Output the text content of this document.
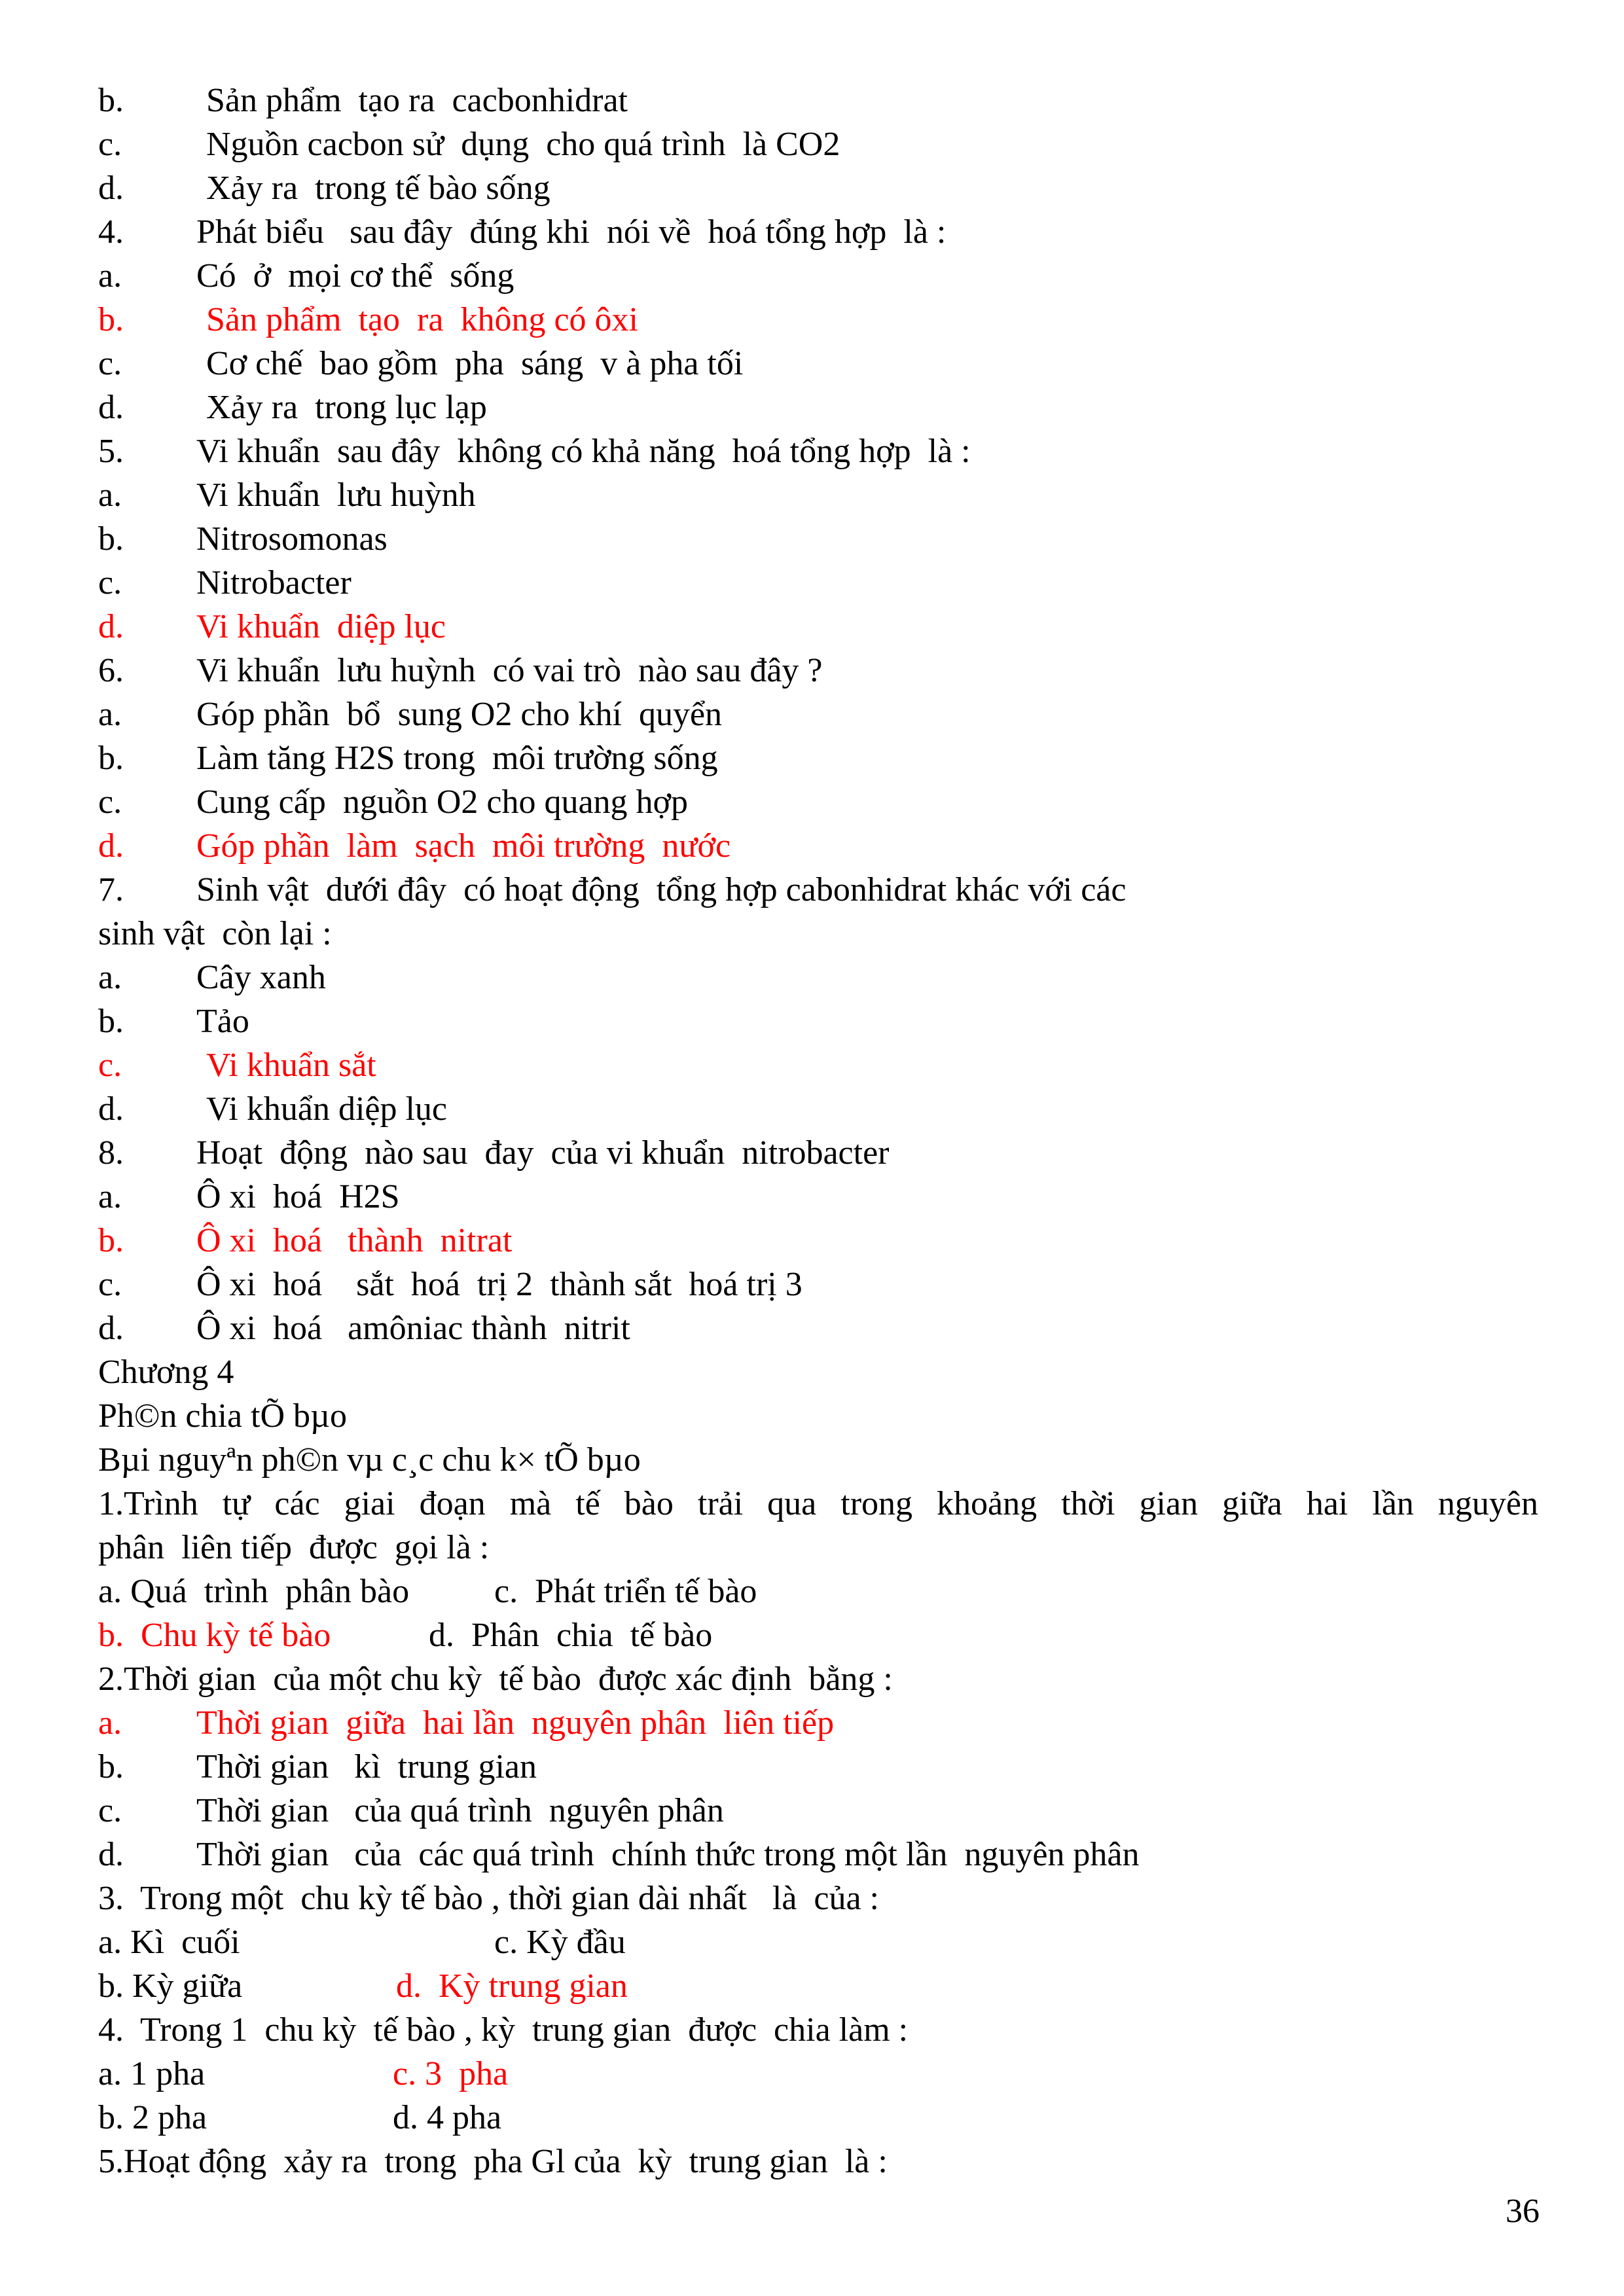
b. Sản phẩm  tạo ra  cacbonhidrat
c. Nguồn cacbon sử  dụng  cho quá trình  là CO2
d. Xảy ra  trong tế bào sống
4. Phát biểu   sau đây  đúng khi  nói về  hoá tổng hợp  là :
a. Có  ở  mọi cơ thể  sống
b. Sản phẩm  tạo  ra  không có ôxi
c. Cơ chế  bao gồm  pha  sáng  v à pha tối
d. Xảy ra  trong lục lạp
5. Vi khuẩn  sau đây  không có khả năng  hoá tổng hợp  là :
a. Vi khuẩn  lưu huỳnh
b. Nitrosomonas
c. Nitrobacter
d. Vi khuẩn  diệp lục
6. Vi khuẩn  lưu huỳnh  có vai trò  nào sau đây ?
a. Góp phần  bổ  sung O2 cho khí  quyển
b. Làm tăng H2S trong  môi trường sống
c. Cung cấp  nguồn O2 cho quang hợp
d. Góp phần  làm  sạch  môi trường  nước
7. Sinh vật  dưới đây  có hoạt động  tổng hợp cabonhidrat khác với các
sinh vật  còn lại :
a. Cây xanh
b. Tảo
c. Vi khuẩn sắt
d. Vi khuẩn diệp lục
8. Hoạt  động  nào sau  đay  của vi khuẩn  nitrobacter
a. Ô xi  hoá  H2S
b. Ô xi  hoá   thành  nitrat
c. Ô xi  hoá    sắt  hoá  trị 2  thành sắt  hoá trị 3
d. Ô xi  hoá   amôniac thành  nitrit
Chương 4
Ph©n chia tÕ bµo
Bµi nguyªn ph©n vµ c¸c chu k× tÕ bµo
1.Trình tự các giai đoạn mà tế bào trải qua trong khoảng thời gian giữa hai lần nguyên
phân  liên tiếp  được  gọi là :
a. Quá  trình  phân bào c.  Phát triển tế bào
b.  Chu kỳ tế bào	d.  Phân  chia  tế bào
2.Thời gian  của một chu kỳ  tế bào  được xác định  bằng :
a. Thời gian  giữa  hai lần  nguyên phân  liên tiếp
b. Thời gian   kì  trung gian
c. Thời gian   của quá trình  nguyên phân
d. Thời gian   của  các quá trình  chính thức trong một lần  nguyên phân
3.  Trong một  chu kỳ tế bào , thời gian dài nhất   là  của :
a. Kì  cuối	c. Kỳ đầu
b. Kỳ giữa	d.  Kỳ trung gian
4.  Trong 1  chu kỳ  tế bào , kỳ  trung gian  được  chia làm :
a. 1 pha	c. 3  pha
b. 2 pha	d. 4 pha
5.Hoạt động  xảy ra  trong  pha Gl của  kỳ  trung gian  là :
36
